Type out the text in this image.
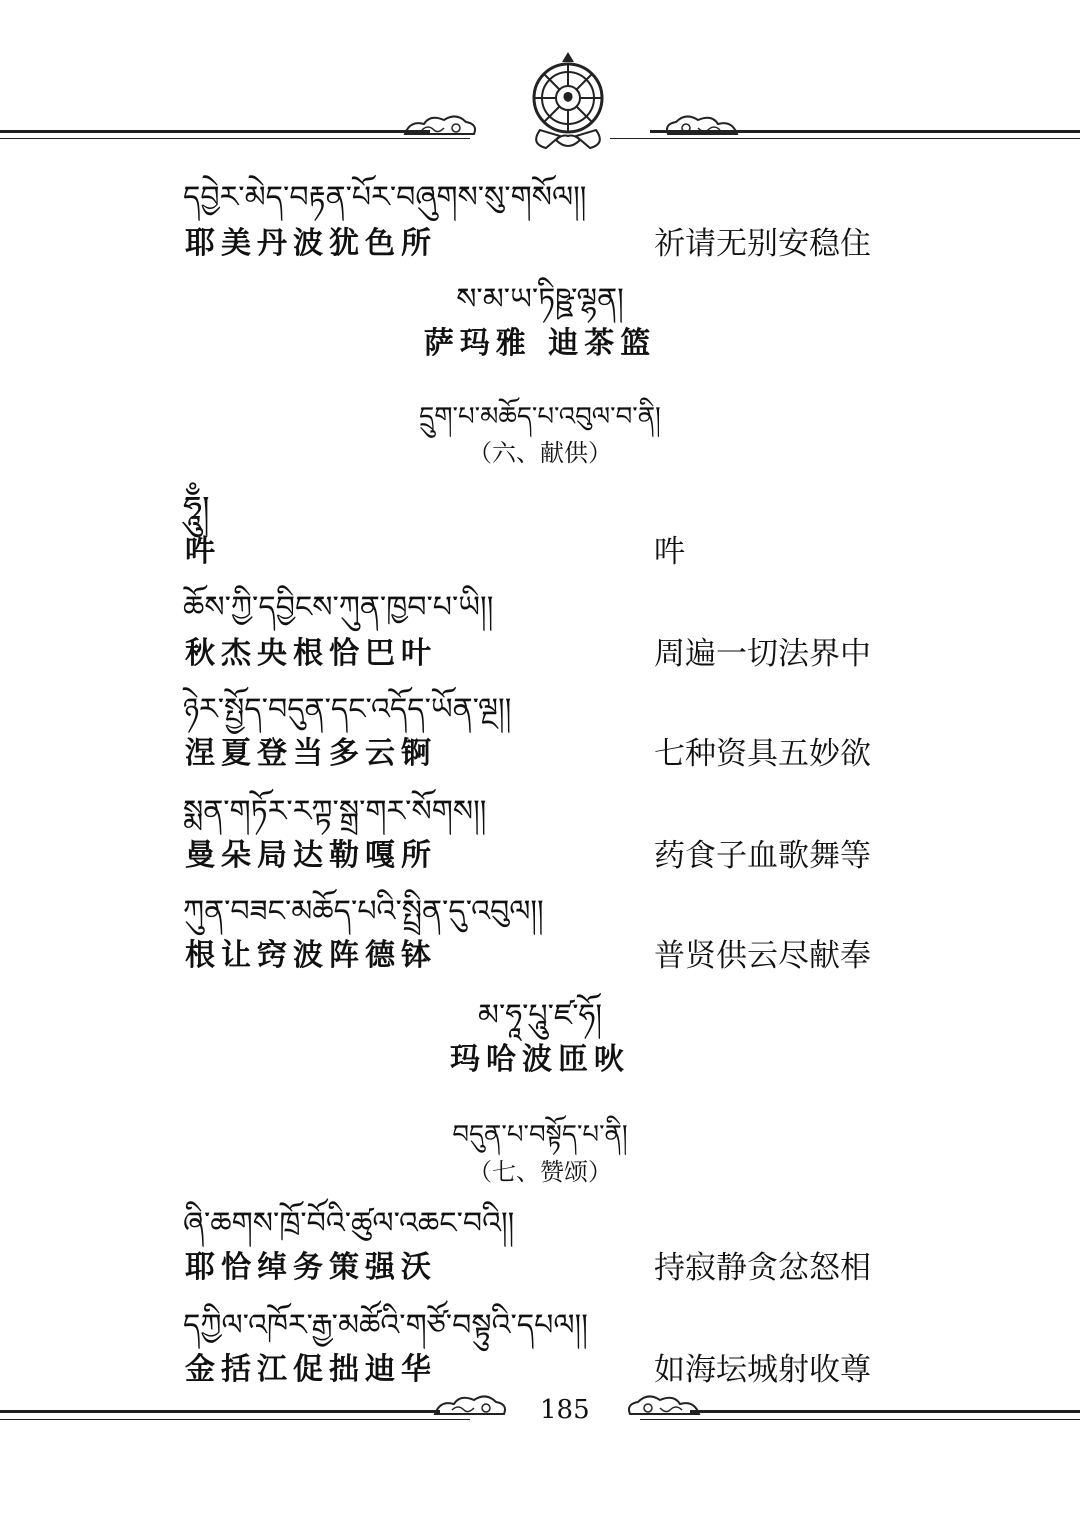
དབྱེར་མེད་བརྟན་པོར་བཞུགས་སུ་གསོལ།།
耶美丹波犹色所	祈请无别安稳住
ས་མ་ཡ་ཏིཥྛ་ལྷན།
萨玛雅 迪茶篮
དྲུག་པ་མཆོད་པ་འབུལ་བ་ནི།
（六、献供）
ཧཱུྃ།
吽	吽
ཆོས་ཀྱི་དབྱིངས་ཀུན་ཁྱབ་པ་ཡི།།
秋杰央根恰巴叶	周遍一切法界中
ཉེར་སྤྱོད་བདུན་དང་འདོད་ཡོན་ལྔ།།
涅夏登当多云锕	七种资具五妙欲
སྨན་གཏོར་རཀྟ་སྒྲ་གར་སོགས།།
曼朵局达勒嘎所	药食子血歌舞等
ཀུན་བཟང་མཆོད་པའི་སྤྲིན་དུ་འབུལ།།
根让窍波阵德钵	普贤供云尽献奉
མ་ཧཱ་པཱུ་ཛ་ཧོ།
玛哈波匝吙
བདུན་པ་བསྟོད་པ་ནི།
（七、赞颂）
ཞི་ཆགས་ཁྲོ་བོའི་ཚུལ་འཆང་བའི།།
耶恰绰务策强沃	持寂静贪忿怒相
དཀྱིལ་འཁོར་རྒྱ་མཚོའི་གཙོ་བསྟུའི་དཔལ།།
金括江促拙迪华	如海坛城射收尊
185
